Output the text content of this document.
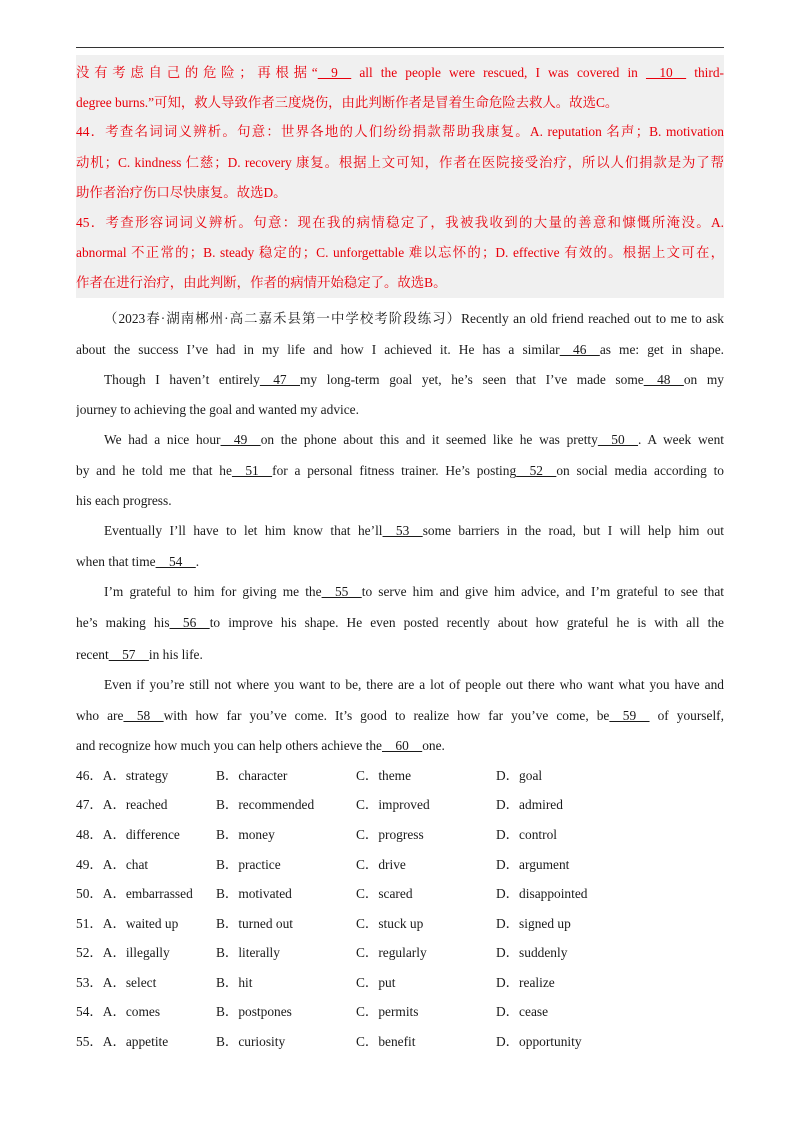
没有考虑自己的危险；再根据“  9   all the people were rescued, I was covered in   10   third-
degree burns.”可知，救人导致作者三度烧伤，由此判断作者是冒着生命危险去救人。故选C。
44．考查名词词义辨析。句意：世界各地的人们纷纷捐款帮助我康复。A. reputation 名声；B. motivation
动机；C. kindness 仁慈；D. recovery 康复。根据上文可知，作者在医院接受治疗，所以人们捐款是为了帮
助作者治疗伤口尽快康复。故选D。
45．考查形容词词义辨析。句意：现在我的病情稳定了，我被我收到的大量的善意和慷慨所淹没。A.
abnormal 不正常的；B. steady 稳定的；C. unforgettable 难以忘怀的；D. effective 有效的。根据上文可在，
作者在进行治疗，由此判断，作者的病情开始稳定了。故选B。
（2023春·湖南郴州·高二嘉禾县第一中学校考阶段练习）Recently an old friend reached out to me to ask
about the success I’ve had in my life and how I achieved it. He has a similar  46  as me: get in shape.
Though I haven’t entirely  47  my long-term goal yet, he’s seen that I’ve made some  48  on my
journey to achieving the goal and wanted my advice.
We had a nice hour  49  on the phone about this and it seemed like he was pretty  50  . A week went
by and he told me that he  51  for a personal fitness trainer. He’s posting  52  on social media according to
his each progress.
Eventually I’ll have to let him know that he’ll  53  some barriers in the road, but I will help him out
when that time  54  .
I’m grateful to him for giving me the  55  to serve him and give him advice, and I’m grateful to see that
he’s making his  56  to improve his shape. He even posted recently about how grateful he is with all the
recent  57  in his life.
Even if you’re still not where you want to be, there are a lot of people out there who want what you have and
who are  58  with how far you’ve come. It’s good to realize how far you’ve come, be  59   of yourself,
and recognize how much you can help others achieve the  60  one.
46．A．strategy	B．character	C．theme	D．goal
47．A．reached	B．recommended	C．improved	D．admired
48．A．difference	B．money	C．progress	D．control
49．A．chat	B．practice	C．drive	D．argument
50．A．embarrassed B．motivated	C．scared	D．disappointed
51．A．waited up	B．turned out	C．stuck up	D．signed up
52．A．illegally	B．literally	C．regularly	D．suddenly
53．A．select	B．hit	C．put	D．realize
54．A．comes	B．postpones	C．permits	D．cease
55．A．appetite	B．curiosity	C．benefit	D．opportunity
